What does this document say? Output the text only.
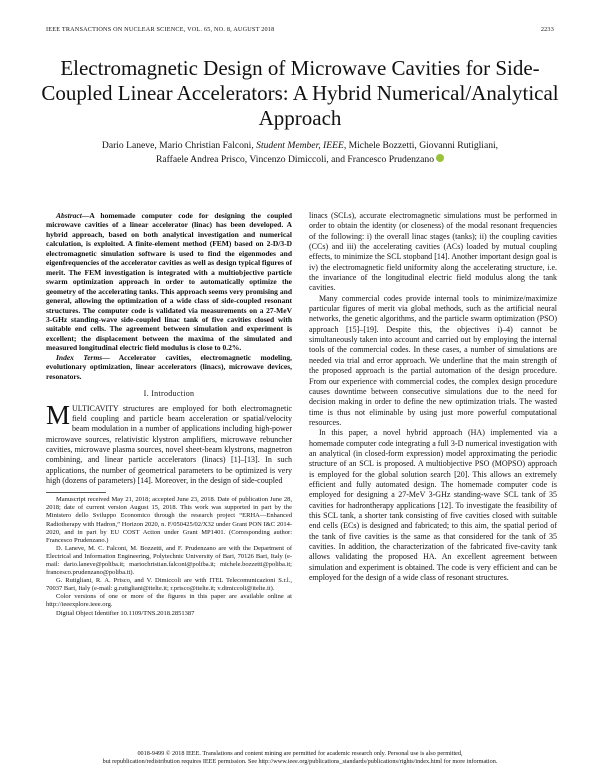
IEEE TRANSACTIONS ON NUCLEAR SCIENCE, VOL. 65, NO. 8, AUGUST 2018	2233
Electromagnetic Design of Microwave Cavities for Side-Coupled Linear Accelerators: A Hybrid Numerical/Analytical Approach
Dario Laneve, Mario Christian Falconi, Student Member, IEEE, Michele Bozzetti, Giovanni Rutigliani,
Raffaele Andrea Prisco, Vincenzo Dimiccoli, and Francesco Prudenzano

Abstract—A homemade computer code for designing the coupled microwave cavities of a linear accelerator (linac) has been developed. A hybrid approach, based on both analytical investigation and numerical calculation, is exploited. A finite-element method (FEM) based on 2-D/3-D electromagnetic simulation software is used to find the eigenmodes and eigenfrequencies of the accelerator cavities as well as design typical figures of merit. The FEM investigation is integrated with a multiobjective particle swarm optimization approach in order to automatically optimize the geometry of the accelerating tanks. This approach seems very promising and general, allowing the optimization of a wide class of side-coupled resonant structures. The computer code is validated via measurements on a 27-MeV 3-GHz standing-wave side-coupled linac tank of five cavities closed with suitable end cells. The agreement between simulation and experiment is excellent; the displacement between the maxima of the simulated and measured longitudinal electric field modulus is close to 0.2%.

Index Terms— Accelerator cavities, electromagnetic modeling, evolutionary optimization, linear accelerators (linacs), microwave devices, resonators.

I. Introduction

MULTICAVITY structures are employed for both electromagnetic field coupling and particle beam acceleration or spatial/velocity beam modulation in a number of applications including high-power microwave sources, relativistic klystron amplifiers, microwave rebuncher cavities, microwave plasma sources, novel sheet-beam klystrons, magnetron combining, and linear particle accelerators (linacs) [1]–[13]. In such applications, the number of geometrical parameters to be optimized is very high (dozens of parameters) [14]. Moreover, in the design of side-coupled

Manuscript received May 21, 2018; accepted June 23, 2018. Date of publication June 28, 2018; date of current version August 15, 2018. This work was supported in part by the Ministero dello Sviluppo Economico through the research project “ERHA—Enhanced Radiotherapy with Hadron,” Horizon 2020, n. F/050425/02/X32 under Grant PON I&C 2014-2020, and in part by EU COST Action under Grant MP1401. (Corresponding author: Francesco Prudenzano.)

D. Laneve, M. C. Falconi, M. Bozzetti, and F. Prudenzano are with the Department of Electrical and Information Engineering, Polytechnic University of Bari, 70126 Bari, Italy (e-mail: dario.laneve@poliba.it; mariochristian.falconi@poliba.it; michele.bozzetti@poliba.it; francesco.prudenzano@poliba.it).

G. Rutigliani, R. A. Prisco, and V. Dimiccoli are with ITEL Telecomunicazioni S.r.l., 70037 Bari, Italy (e-mail: g.rutigliani@itelte.it; r.prisco@itelte.it; v.dimiccoli@itelte.it).

Color versions of one or more of the figures in this paper are available online at http://ieeexplore.ieee.org.

Digital Object Identifier 10.1109/TNS.2018.2851387

linacs (SCLs), accurate electromagnetic simulations must be performed in order to obtain the identity (or closeness) of the modal resonant frequencies of the following: i) the overall linac stages (tanks); ii) the coupling cavities (CCs) and iii) the accelerating cavities (ACs) loaded by mutual coupling effects, to minimize the SCL stopband [14]. Another important design goal is iv) the electromagnetic field uniformity along the accelerating structure, i.e. the invariance of the longitudinal electric field modulus along the tank cavities.

Many commercial codes provide internal tools to minimize/maximize particular figures of merit via global methods, such as the artificial neural networks, the genetic algorithms, and the particle swarm optimization (PSO) approach [15]–[19]. Despite this, the objectives i)–4) cannot be simultaneously taken into account and carried out by employing the internal tools of the commercial codes. In these cases, a number of simulations are needed via trial and error approach. We underline that the main strength of the proposed approach is the partial automation of the design procedure. From our experience with commercial codes, the complex design procedure causes downtime between consecutive simulations due to the need for decision making in order to define the new optimization trials. The wasted time is thus not eliminable by using just more powerful computational resources.

In this paper, a novel hybrid approach (HA) implemented via a homemade computer code integrating a full 3-D numerical investigation with an analytical (in closed-form expression) model approximating the periodic structure of an SCL is proposed. A multiobjective PSO (MOPSO) approach is employed for the global solution search [20]. This allows an extremely efficient and fully automated design. The homemade computer code is employed for designing a 27-MeV 3-GHz standing-wave SCL tank of 35 cavities for hadrontherapy applications [12]. To investigate the feasibility of this SCL tank, a shorter tank consisting of five cavities closed with suitable end cells (ECs) is designed and fabricated; to this aim, the spatial period of the tank of five cavities is the same as that considered for the tank of 35 cavities. In addition, the characterization of the fabricated five-cavity tank allows validating the proposed HA. An excellent agreement between simulation and experiment is obtained. The code is very efficient and can be employed for the design of a wide class of resonant structures.

0018-9499 © 2018 IEEE. Translations and content mining are permitted for academic research only. Personal use is also permitted,
but republication/redistribution requires IEEE permission. See http://www.ieee.org/publications_standards/publications/rights/index.html for more information.
